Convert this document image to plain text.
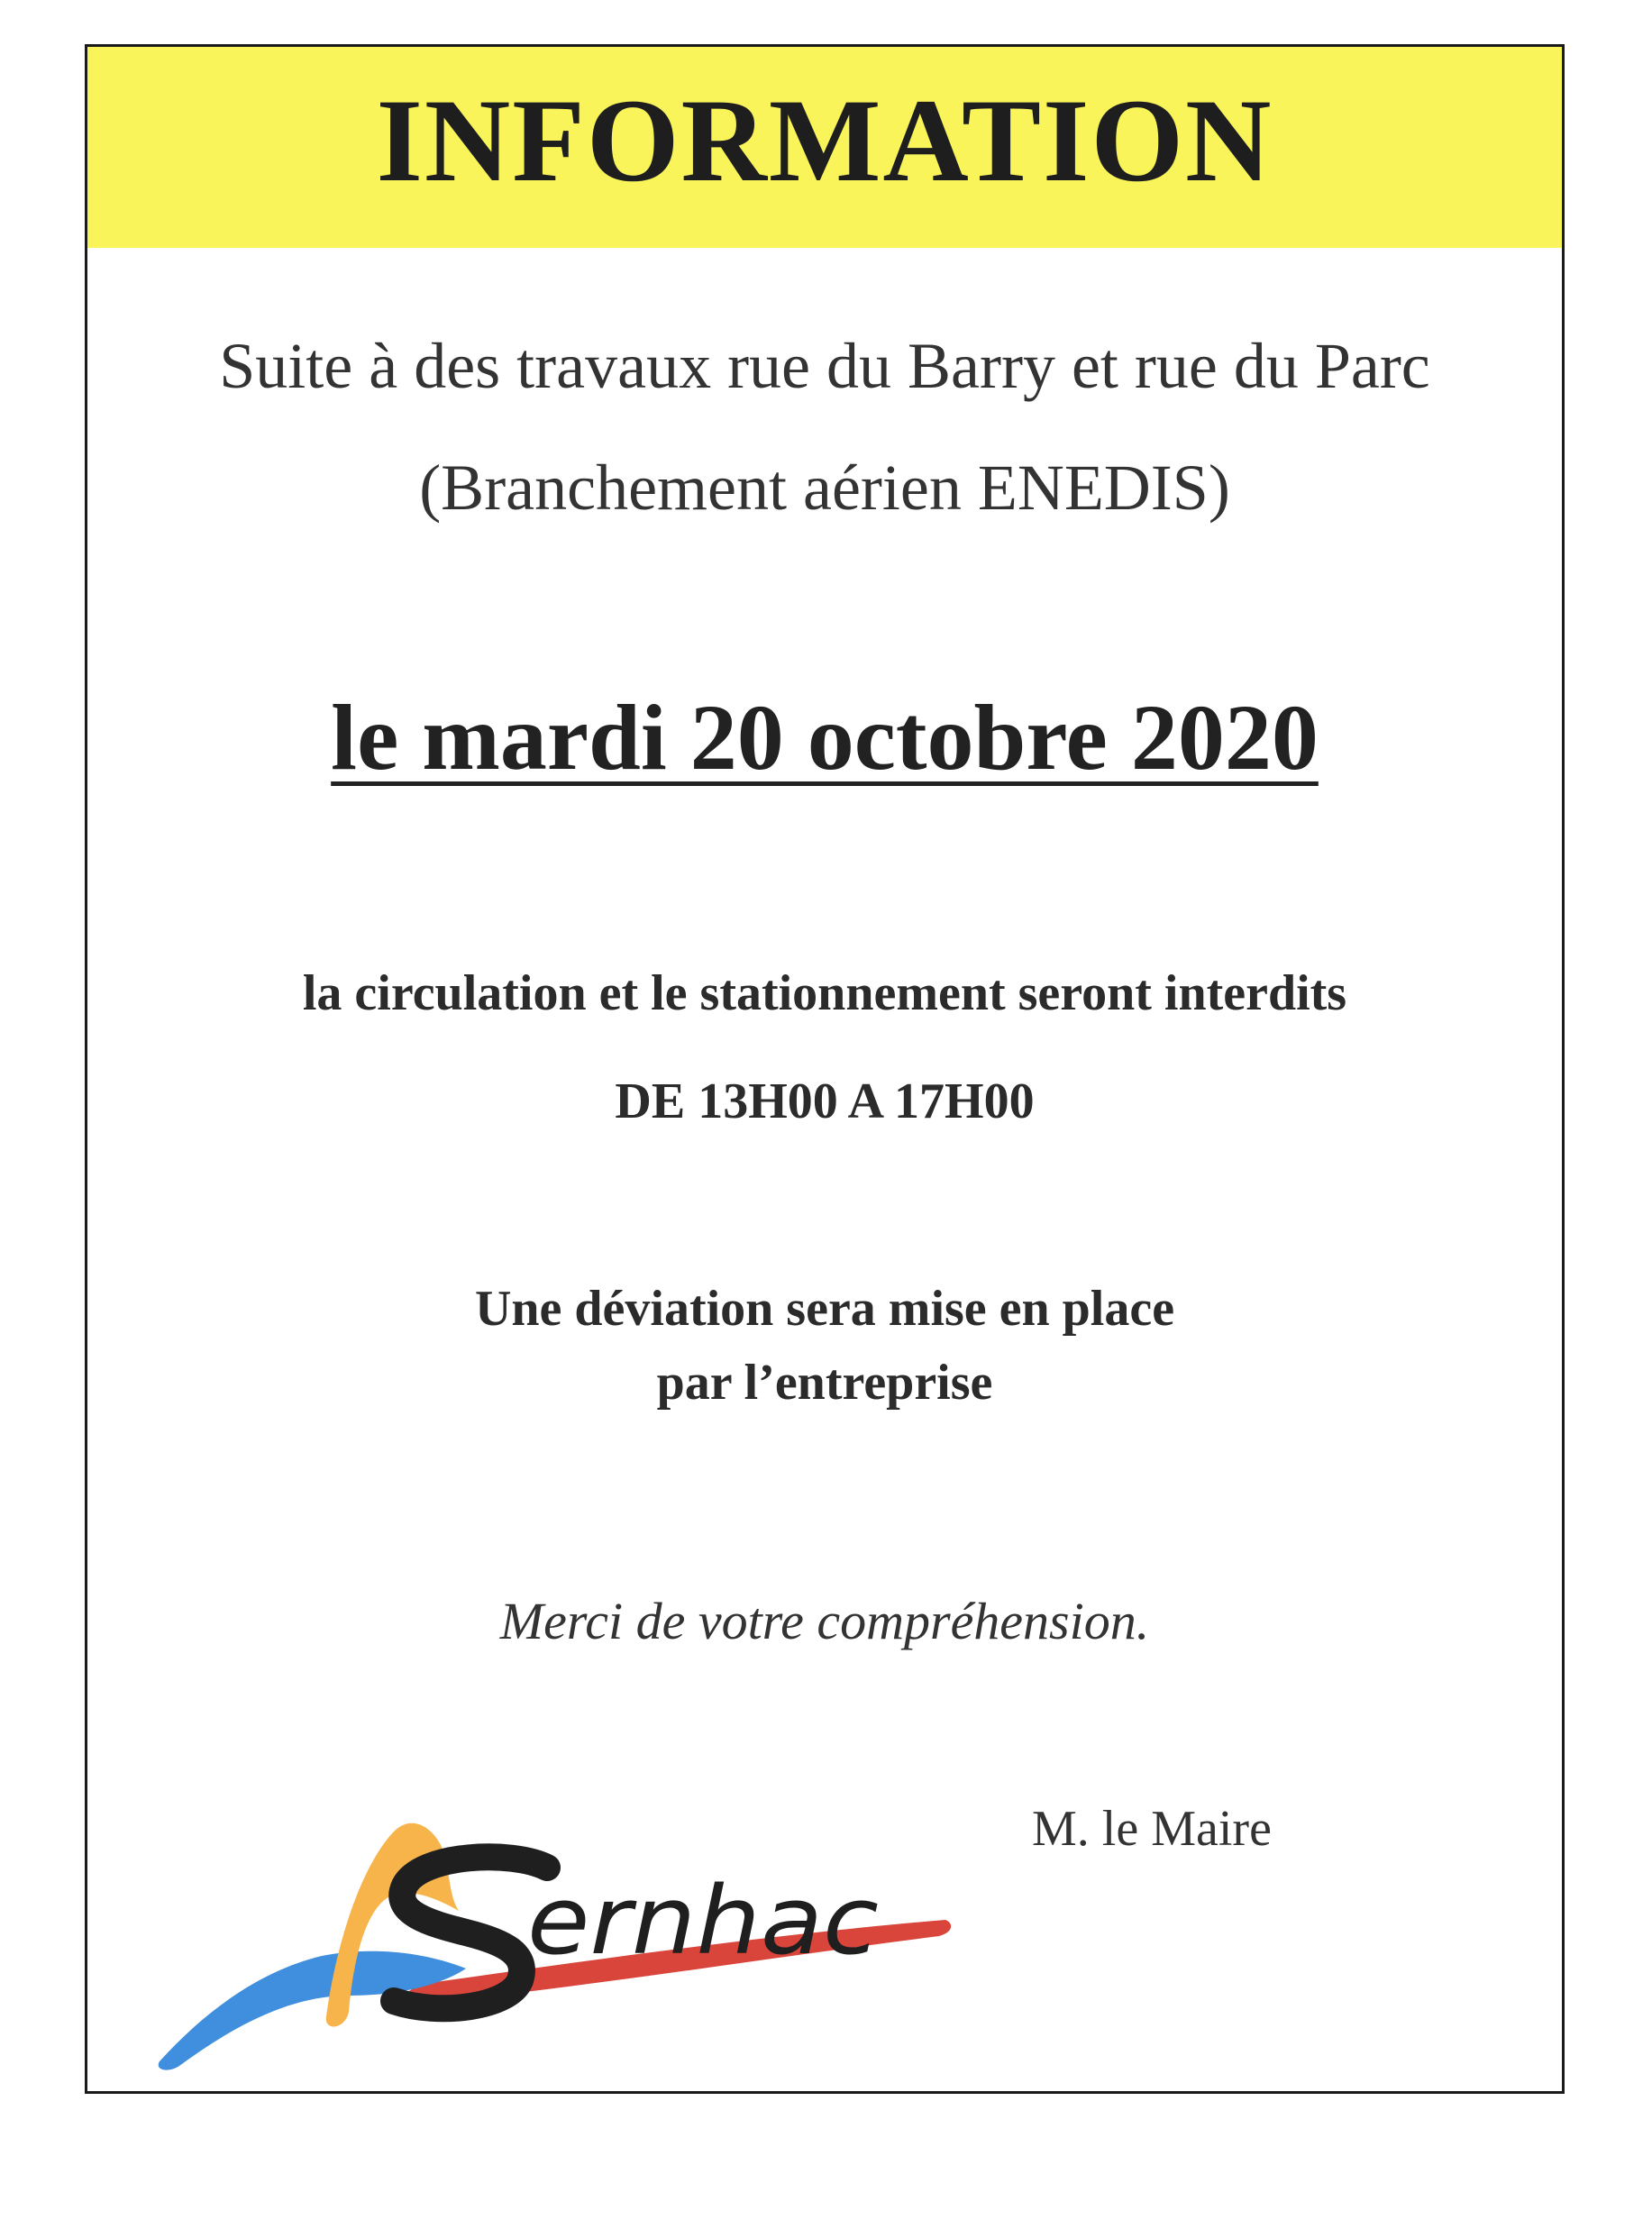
INFORMATION
Suite à des travaux rue du Barry et rue du Parc
(Branchement aérien ENEDIS)
le mardi 20 octobre 2020
la circulation et le stationnement seront interdits
DE 13H00 A 17H00
Une déviation sera mise en place
par l’entreprise
Merci de votre compréhension.
M. le Maire
ernhac
